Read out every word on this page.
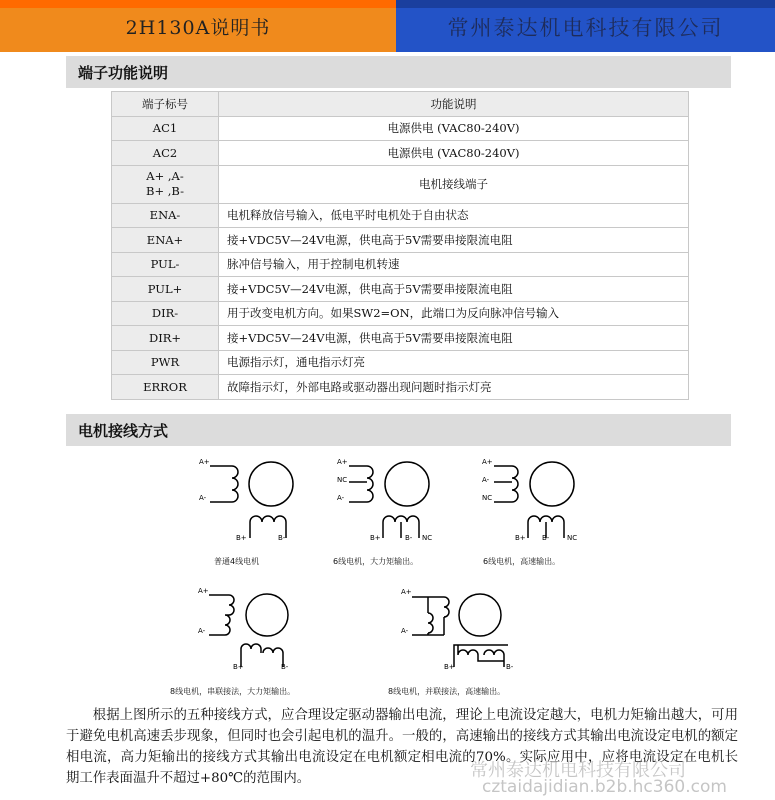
2H130A说明书	常州泰达机电科技有限公司
端子功能说明
端子标号	功能说明
AC1	电源供电 (VAC80-240V)
AC2	电源供电 (VAC80-240V)

A+ ,A-
B+ ,B-	电机接线端子
ENA-	电机释放信号输入，低电平时电机处于自由状态
ENA+	接+VDC5V—24V电源，供电高于5V需要串接限流电阻
PUL-	脉冲信号输入，用于控制电机转速
PUL+	接+VDC5V—24V电源，供电高于5V需要串接限流电阻
DIR-	用于改变电机方向。如果SW2=ON，此端口为反向脉冲信号输入
DIR+	接+VDC5V—24V电源，供电高于5V需要串接限流电阻
PWR	电源指示灯，通电指示灯亮
ERROR	故障指示灯，外部电路或驱动器出现问题时指示灯亮
电机接线方式
A+
A-
B+	B-
普通4线电机
A+
NC
A-
B+	B- NC
6线电机，大力矩输出。
A+
A-
NC
B+ B-	NC
6线电机，高速输出。
A+
A-
B+	B-
8线电机，串联接法，大力矩输出。
A+
A-
B+	B-
8线电机，并联接法，高速输出。
根据上图所示的五种接线方式，应合理设定驱动器输出电流，理论上电流设定越大，电机力矩输出越大，可用于避免电机高速丢步现象，但同时也会引起电机的温升。一般的，高速输出的接线方式其输出电流设定电机的额定相电流，高力矩输出的接线方式其输出电流设定在电机额定相电流的70%。实际应用中，应将电流设定在电机长期工作表面温升不超过+80℃的范围内。	常州泰达机电科技有限公司
cztaidajidian.b2b.hc360.com
